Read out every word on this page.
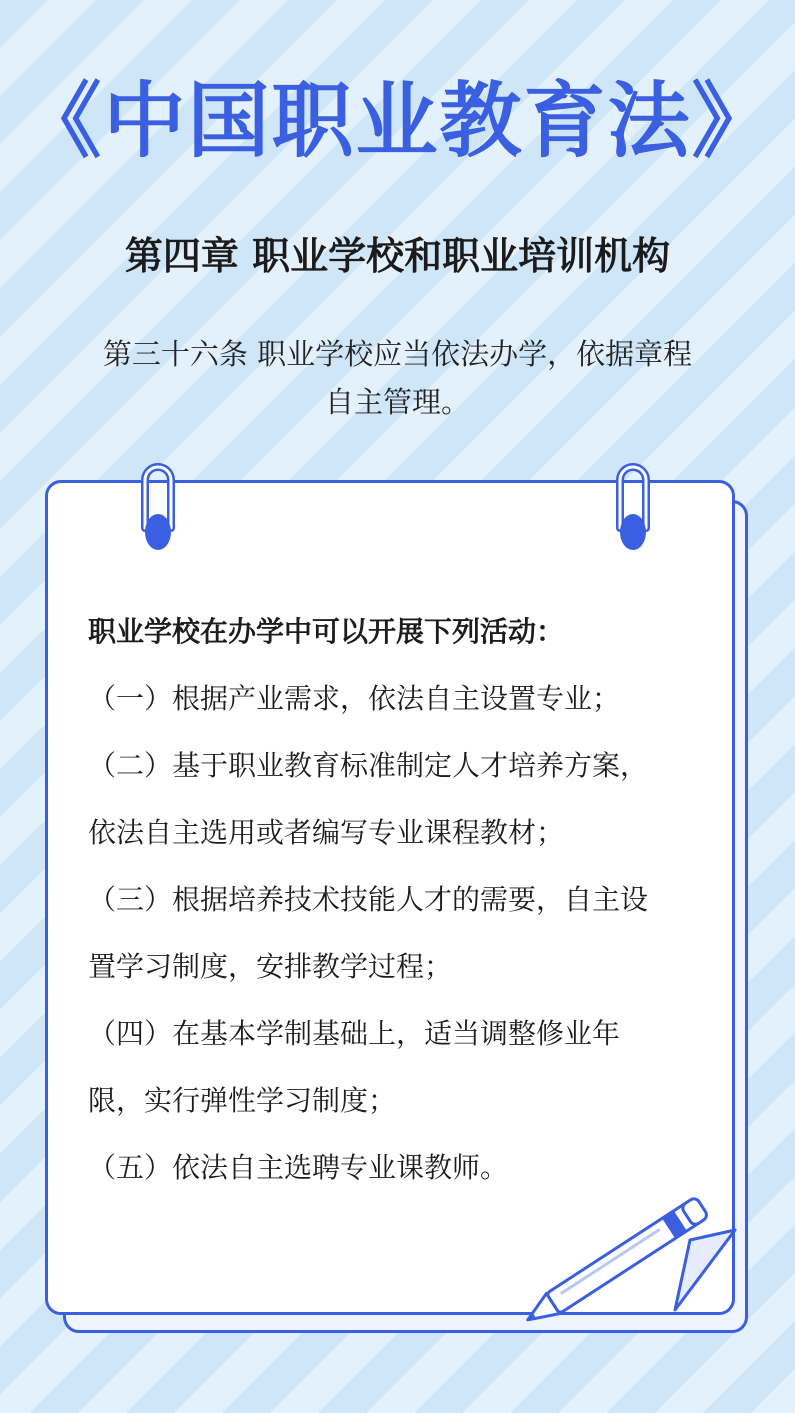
《中国职业教育法》
第四章 职业学校和职业培训机构
第三十六条 职业学校应当依法办学，依据章程
自主管理。
职业学校在办学中可以开展下列活动：
（一）根据产业需求，依法自主设置专业；
（二）基于职业教育标准制定人才培养方案，
依法自主选用或者编写专业课程教材；
（三）根据培养技术技能人才的需要，自主设
置学习制度，安排教学过程；
（四）在基本学制基础上，适当调整修业年
限，实行弹性学习制度；
（五）依法自主选聘专业课教师。
